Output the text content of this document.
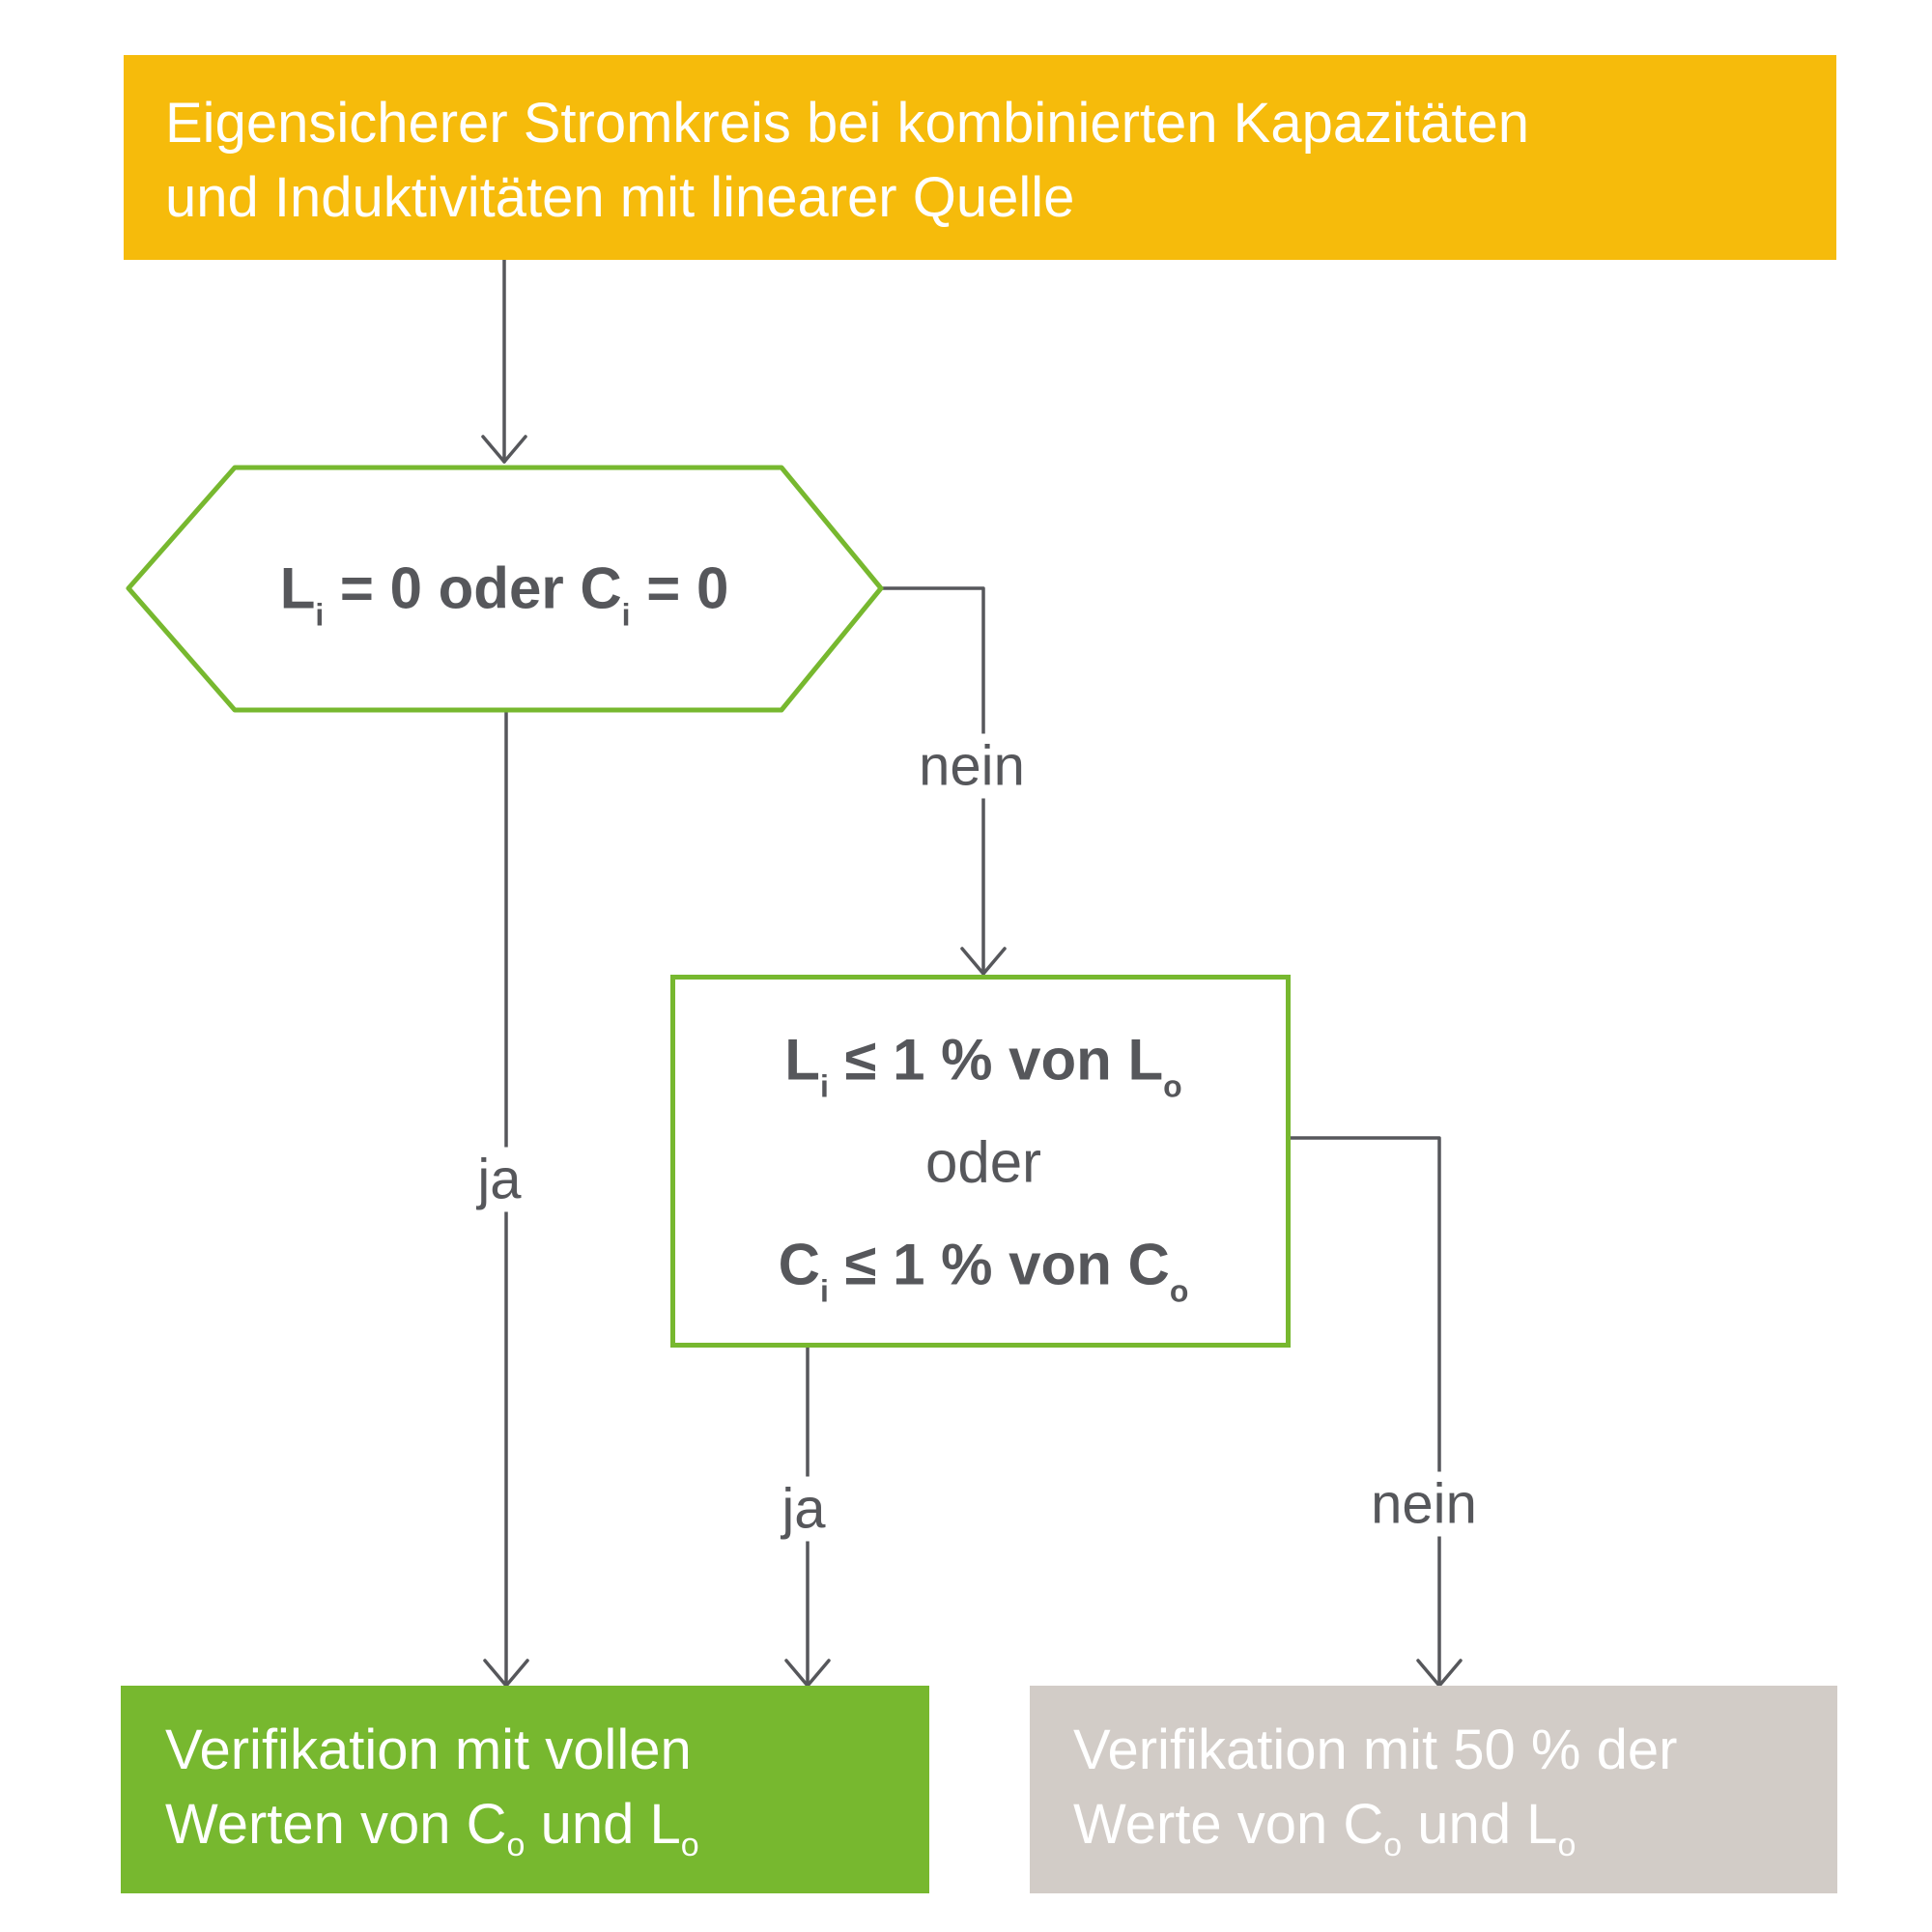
Eigensicherer Stromkreis bei kombinierten Kapazitäten
und Induktivitäten mit linearer Quelle
$L_i = 0$ oder $C_i = 0$
$L_i \le 1$ % von $L_o$
oder
$C_i \le 1$ % von $C_o$
nein
ja
ja	nein
Verifikation mit vollen
Werten von $C_o$ und $L_o$
Verifikation mit 50 % der
Werte von $C_o$ und $L_o$
